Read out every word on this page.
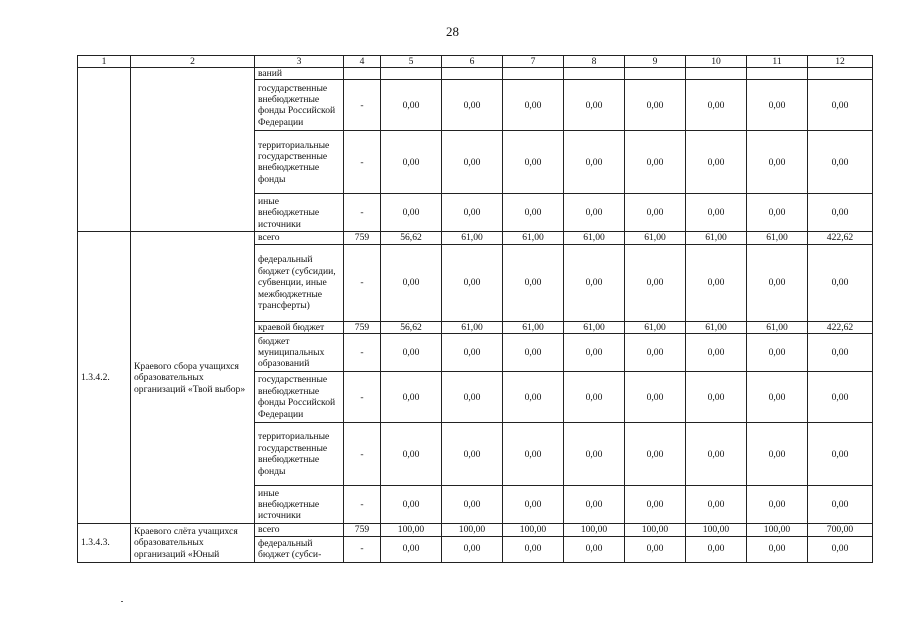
28
1	2	3	4	5	6	7	8	9	10	11	12
		ваний									
		государственные внебюджетные фонды Российской Федерации	-	0,00	0,00	0,00	0,00	0,00	0,00	0,00	0,00
		территориальные государственные внебюджетные фонды	-	0,00	0,00	0,00	0,00	0,00	0,00	0,00	0,00
		иные внебюджетные источники	-	0,00	0,00	0,00	0,00	0,00	0,00	0,00	0,00
1.3.4.2.	Краевого сбора учащихся образовательных организаций «Твой выбор»	всего	759	56,62	61,00	61,00	61,00	61,00	61,00	61,00	422,62
		федеральный бюджет (субсидии, субвенции, иные межбюджетные трансферты)	-	0,00	0,00	0,00	0,00	0,00	0,00	0,00	0,00
		краевой бюджет	759	56,62	61,00	61,00	61,00	61,00	61,00	61,00	422,62
		бюджет муниципальных образований	-	0,00	0,00	0,00	0,00	0,00	0,00	0,00	0,00
		государственные внебюджетные фонды Российской Федерации	-	0,00	0,00	0,00	0,00	0,00	0,00	0,00	0,00
		территориальные государственные внебюджетные фонды	-	0,00	0,00	0,00	0,00	0,00	0,00	0,00	0,00
		иные внебюджетные источники	-	0,00	0,00	0,00	0,00	0,00	0,00	0,00	0,00
1.3.4.3.	Краевого слёта учащихся образовательных организаций «Юный	всего	759	100,00	100,00	100,00	100,00	100,00	100,00	100,00	700,00
		федеральный бюджет (субси-	-	0,00	0,00	0,00	0,00	0,00	0,00	0,00	0,00
